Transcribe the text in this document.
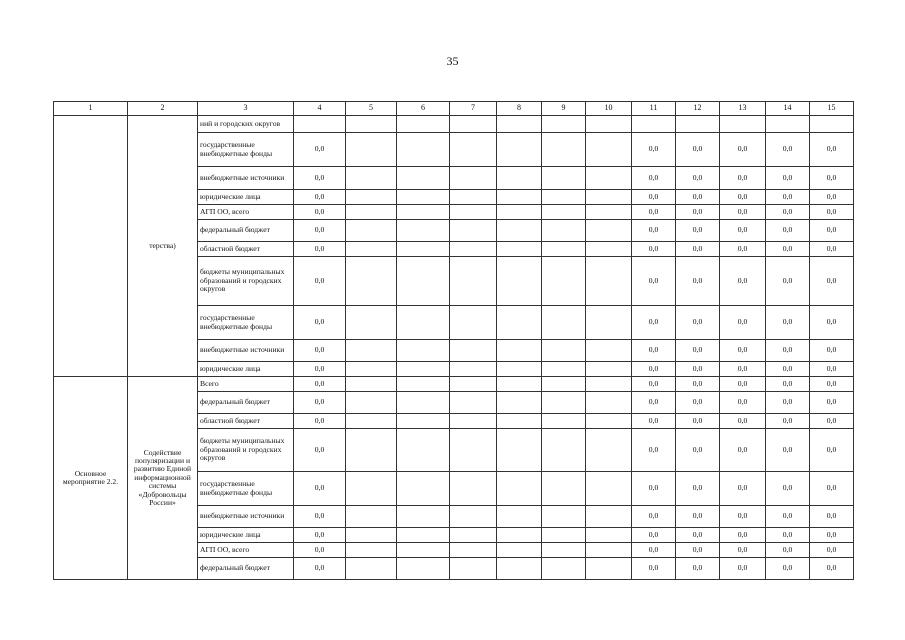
35
1	2	3	4	5	6	7	8	9	10	11	12	13	14	15
	терства)	ний и городских округов												
		государственные внебюджетные фонды	0,0							0,0	0,0	0,0	0,0	0,0
		внебюджетные источники	0,0							0,0	0,0	0,0	0,0	0,0
		юридические лица	0,0							0,0	0,0	0,0	0,0	0,0
		АГП ОО, всего	0,0							0,0	0,0	0,0	0,0	0,0
		федеральный бюджет	0,0							0,0	0,0	0,0	0,0	0,0
		областной бюджет	0,0							0,0	0,0	0,0	0,0	0,0
		бюджеты муниципальных образований и городских округов	0,0							0,0	0,0	0,0	0,0	0,0
		государственные внебюджетные фонды	0,0							0,0	0,0	0,0	0,0	0,0
		внебюджетные источники	0,0							0,0	0,0	0,0	0,0	0,0
		юридические лица	0,0							0,0	0,0	0,0	0,0	0,0
Основное мероприятие 2.2.	Содействие популяризации и развитию Единой информационной системы «Добровольцы России»	Всего	0,0							0,0	0,0	0,0	0,0	0,0
		федеральный бюджет	0,0							0,0	0,0	0,0	0,0	0,0
		областной бюджет	0,0							0,0	0,0	0,0	0,0	0,0
		бюджеты муниципальных образований и городских округов	0,0							0,0	0,0	0,0	0,0	0,0
		государственные внебюджетные фонды	0,0							0,0	0,0	0,0	0,0	0,0
		внебюджетные источники	0,0							0,0	0,0	0,0	0,0	0,0
		юридические лица	0,0							0,0	0,0	0,0	0,0	0,0
		АГП ОО, всего	0,0							0,0	0,0	0,0	0,0	0,0
		федеральный бюджет	0,0							0,0	0,0	0,0	0,0	0,0
